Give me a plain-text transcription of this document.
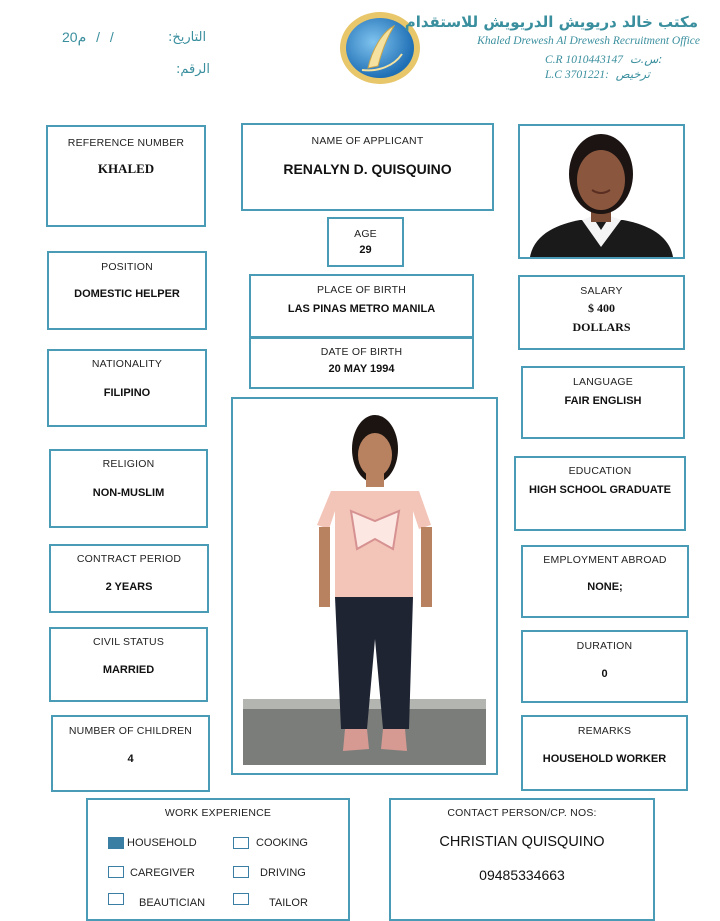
التاريخ:
20م / /
الرقم:
مكتب خالد دريويش الدريويش للاستقدام
Khaled Drewesh Al Drewesh Recruitment Office
C.R 1010443147 س.ت:
L.C 3701221: ترخيص
REFERENCE NUMBER
KHALED
NAME OF APPLICANT
RENALYN D. QUISQUINO
AGE
29
POSITION
DOMESTIC HELPER	PLACE OF BIRTH
LAS PINAS METRO MANILA
SALARY
$ 400
DOLLARS
NATIONALITY
FILIPINO
DATE OF BIRTH
20 MAY 1994
LANGUAGE
FAIR ENGLISH
RELIGION
NON-MUSLIM
EDUCATION
HIGH SCHOOL GRADUATE
CONTRACT PERIOD
2 YEARS
EMPLOYMENT ABROAD
NONE;
CIVIL STATUS
MARRIED
DURATION
0
NUMBER OF CHILDREN
4
REMARKS
HOUSEHOLD WORKER
WORK EXPERIENCE
HOUSEHOLD	COOKING
CAREGIVER	DRIVING
BEAUTICIAN	TAILOR
CONTACT PERSON/CP. NOS:
CHRISTIAN QUISQUINO
09485334663
